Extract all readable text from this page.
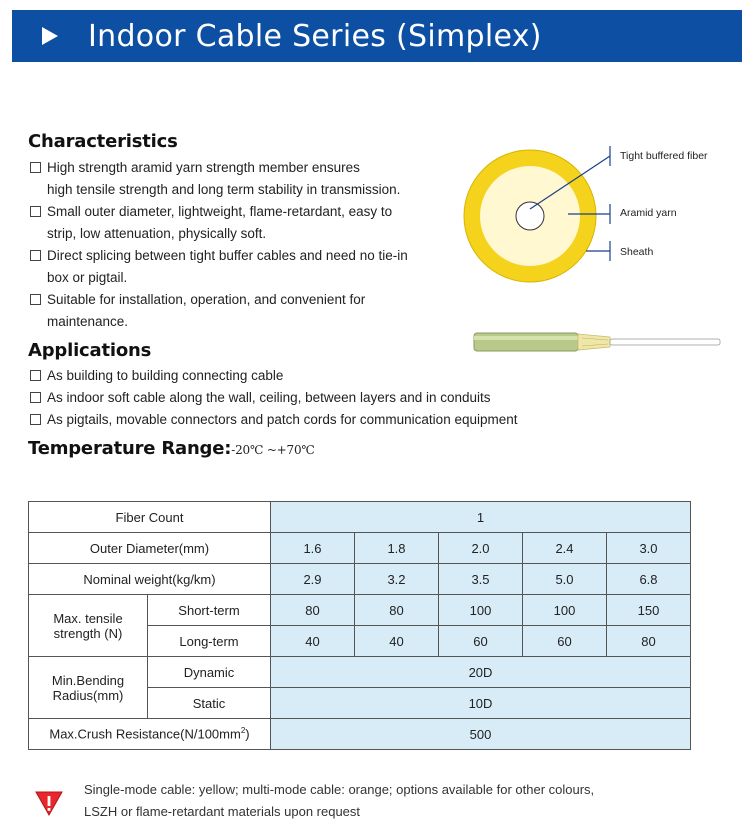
Indoor Cable Series (Simplex)
Characteristics
High strength aramid yarn strength member ensures
high tensile strength and long term stability in transmission.
Small outer diameter, lightweight, flame-retardant, easy to
strip, low attenuation, physically soft.
Direct splicing between tight buffer cables and need no tie-in
box or pigtail.
Suitable for installation, operation, and convenient for
maintenance.
Tight buffered fiber
Aramid yarn
Sheath
Applications
As building to building connecting cable
As indoor soft cable along the wall, ceiling, between layers and in conduits
As pigtails, movable connectors and patch cords for communication equipment
Temperature Range:-20℃ ~+70℃
Fiber Count		1				
Outer Diameter(mm)		1.6	1.8	2.0	2.4	3.0
Nominal weight(kg/km)		2.9	3.2	3.5	5.0	6.8
Max. tensile strength (N)	Short-term	80	80	100	100	150
	Long-term	40	40	60	60	80
Min.Bending Radius(mm)	Dynamic	20D				
	Static	10D				
Max.Crush $Resistance(N/100mm^2)$		500				
Single-mode cable: yellow; multi-mode cable: orange; options available for other colours,
LSZH or flame-retardant materials upon request
